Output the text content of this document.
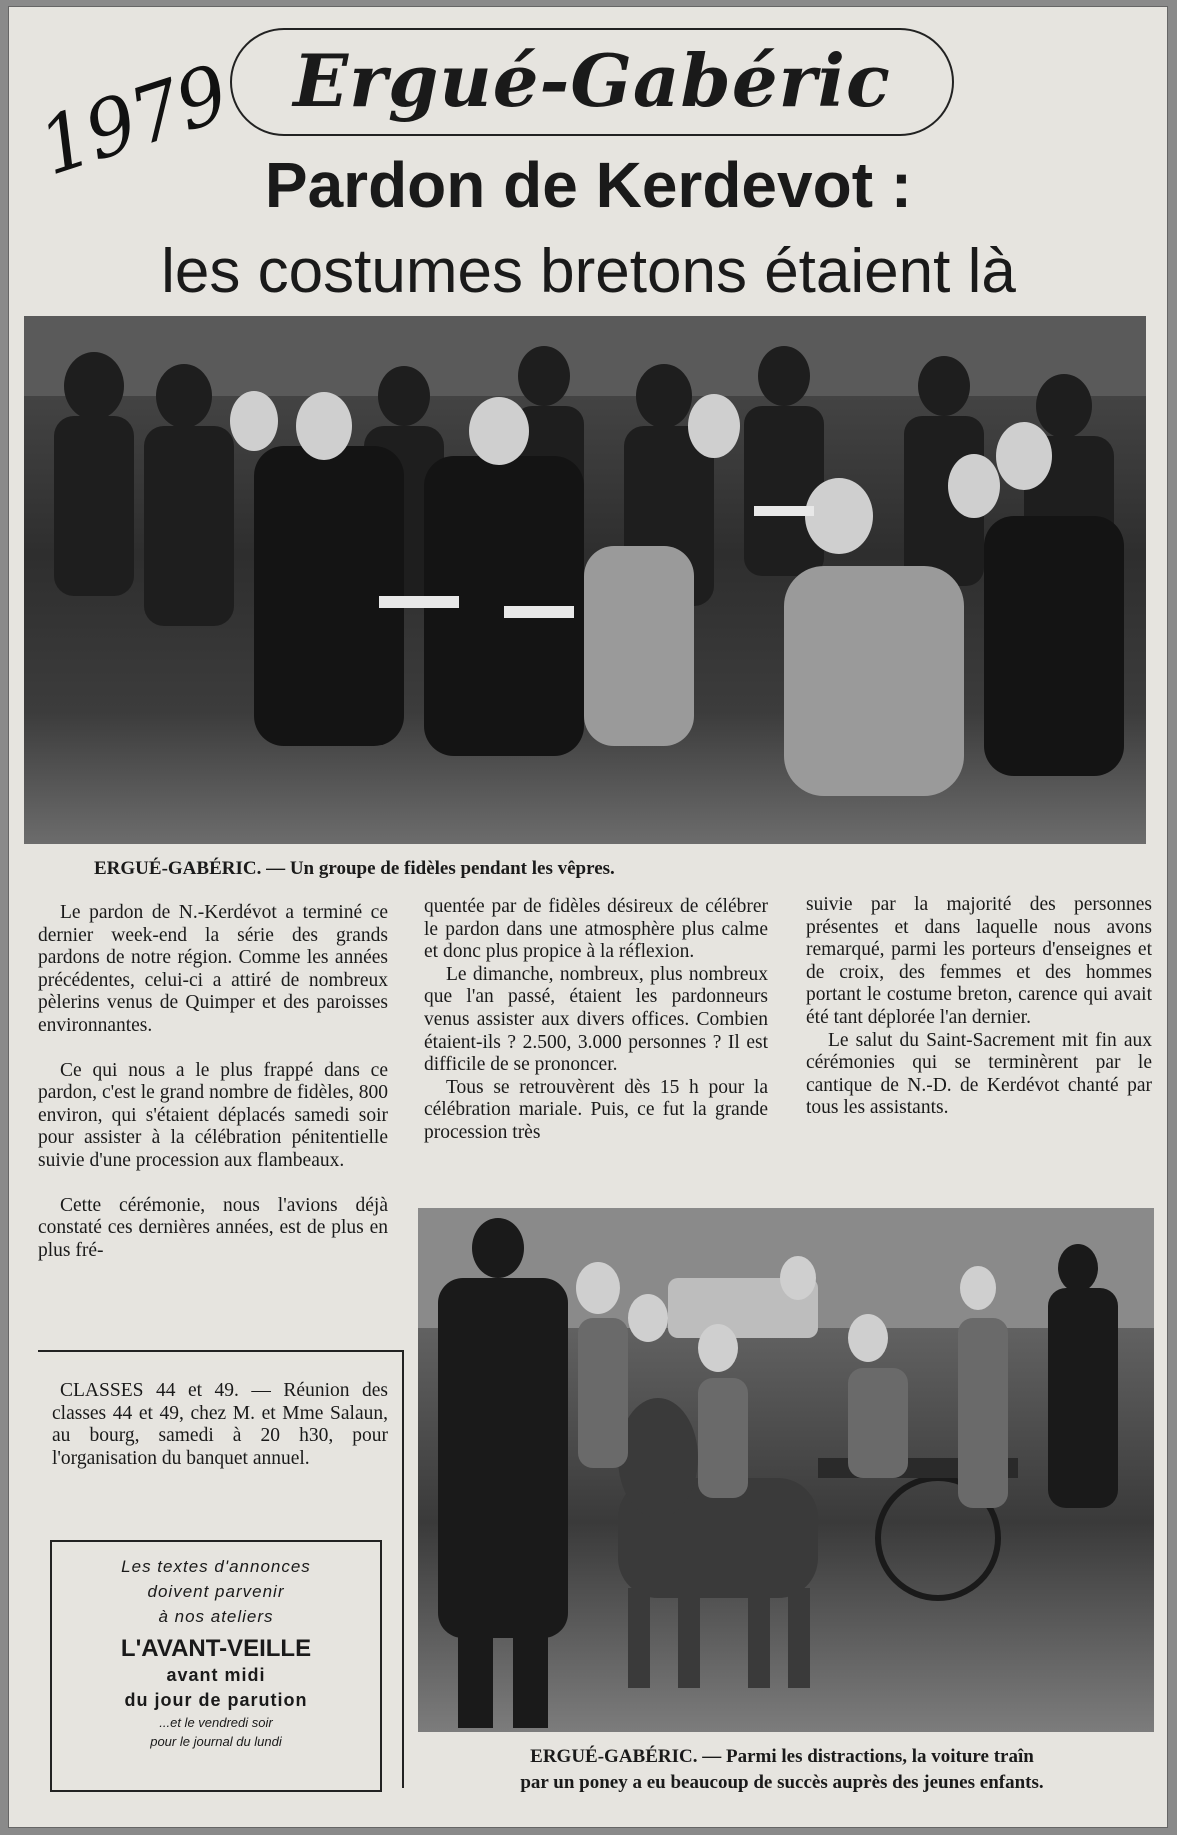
1979 Ergué-Gabéric
Pardon de Kerdevot :
les costumes bretons étaient là
ERGUÉ-GABÉRIC. — Un groupe de fidèles pendant les vêpres.

Le pardon de N.-Kerdévot a terminé ce dernier week-end la série des grands pardons de notre région. Comme les années précédentes, celui-ci a attiré de nombreux pèlerins venus de Quimper et des paroisses environnantes.

Ce qui nous a le plus frappé dans ce pardon, c'est le grand nombre de fidèles, 800 environ, qui s'étaient déplacés samedi soir pour assister à la célébration pénitentielle suivie d'une procession aux flambeaux.

Cette cérémonie, nous l'avions déjà constaté ces dernières années, est de plus en plus fré-

quentée par de fidèles désireux de célébrer le pardon dans une atmosphère plus calme et donc plus propice à la réflexion.

Le dimanche, nombreux, plus nombreux que l'an passé, étaient les pardonneurs venus assister aux divers offices. Combien étaient-ils ? 2.500, 3.000 personnes ? Il est difficile de se prononcer.

Tous se retrouvèrent dès 15 h pour la célébration mariale. Puis, ce fut la grande procession très

suivie par la majorité des personnes présentes et dans laquelle nous avons remarqué, parmi les porteurs d'enseignes et de croix, des femmes et des hommes portant le costume breton, carence qui avait été tant déplorée l'an dernier.

Le salut du Saint-Sacrement mit fin aux cérémonies qui se terminèrent par le cantique de N.-D. de Kerdévot chanté par tous les assistants.

CLASSES 44 et 49. — Réunion des classes 44 et 49, chez M. et Mme Salaun, au bourg, samedi à 20 h30, pour l'organisation du banquet annuel.

Les textes d'annonces
doivent parvenir
à nos ateliers
L'AVANT-VEILLE
avant midi
du jour de parution
...et le vendredi soir
pour le journal du lundi
ERGUÉ-GABÉRIC. — Parmi les distractions, la voiture traîn
par un poney a eu beaucoup de succès auprès des jeunes enfants.
